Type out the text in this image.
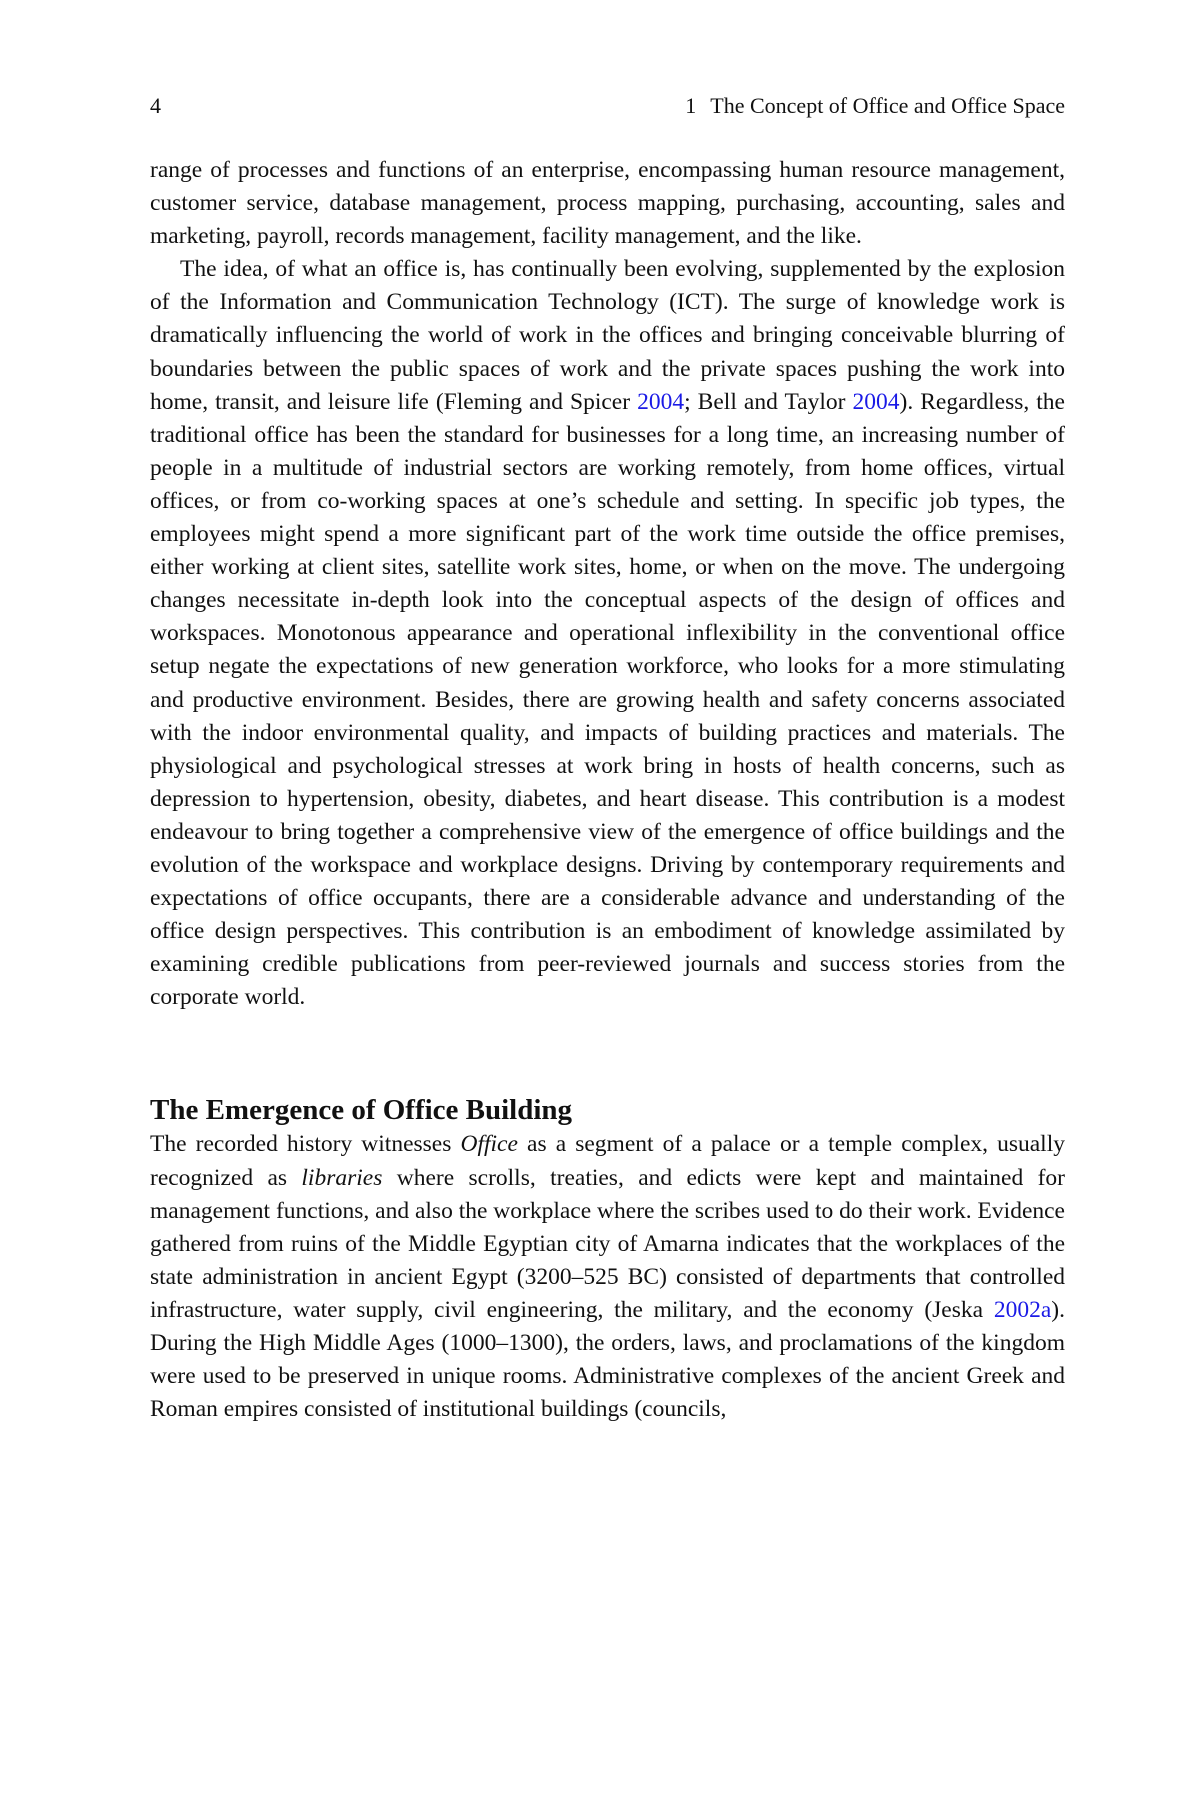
4	1 The Concept of Office and Office Space

range of processes and functions of an enterprise, encompassing human resource management, customer service, database management, process mapping, purchasing, accounting, sales and marketing, payroll, records management, facility management, and the like.

The idea, of what an office is, has continually been evolving, supplemented by the explosion of the Information and Communication Technology (ICT). The surge of knowledge work is dramatically influencing the world of work in the offices and bringing conceivable blurring of boundaries between the public spaces of work and the private spaces pushing the work into home, transit, and leisure life (Fleming and Spicer 2004; Bell and Taylor 2004). Regardless, the traditional office has been the standard for businesses for a long time, an increasing number of people in a multitude of industrial sectors are working remotely, from home offices, virtual offices, or from co-working spaces at one’s schedule and setting. In specific job types, the employees might spend a more significant part of the work time outside the office premises, either working at client sites, satellite work sites, home, or when on the move. The undergoing changes necessitate in-depth look into the conceptual aspects of the design of offices and workspaces. Monotonous appearance and operational inflexibility in the conventional office setup negate the expectations of new generation workforce, who looks for a more stimulating and productive environment. Besides, there are growing health and safety concerns associated with the indoor environmental quality, and impacts of building practices and materials. The physiological and psychological stresses at work bring in hosts of health concerns, such as depression to hypertension, obesity, diabetes, and heart disease. This contribution is a modest endeavour to bring together a comprehensive view of the emergence of office buildings and the evolution of the workspace and workplace designs. Driving by contemporary requirements and expectations of office occupants, there are a considerable advance and understanding of the office design perspectives. This contribution is an embodiment of knowledge assimilated by examining credible publications from peer-reviewed journals and success stories from the corporate world.

The Emergence of Office Building

The recorded history witnesses Office as a segment of a palace or a temple complex, usually recognized as libraries where scrolls, treaties, and edicts were kept and maintained for management functions, and also the workplace where the scribes used to do their work. Evidence gathered from ruins of the Middle Egyptian city of Amarna indicates that the workplaces of the state administration in ancient Egypt (3200–525 BC) consisted of departments that controlled infrastructure, water supply, civil engineering, the military, and the economy (Jeska 2002a). During the High Middle Ages (1000–1300), the orders, laws, and proclamations of the kingdom were used to be preserved in unique rooms. Administrative complexes of the ancient Greek and Roman empires consisted of institutional buildings (councils,
